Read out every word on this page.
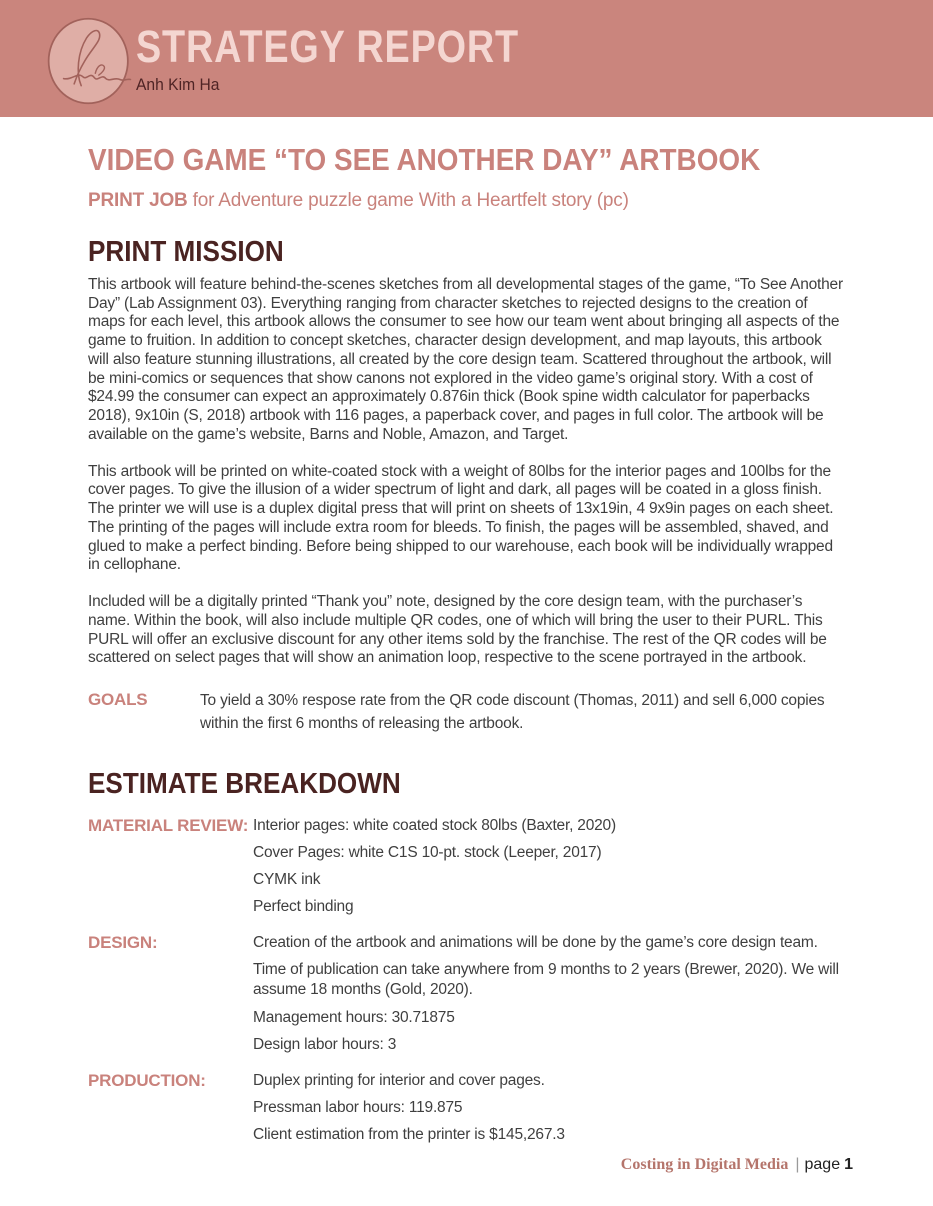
STRATEGY REPORT
Anh Kim Ha
VIDEO GAME “TO SEE ANOTHER DAY” ARTBOOK
PRINT JOB for Adventure puzzle game With a Heartfelt story (pc)
PRINT MISSION

This artbook will feature behind-the-scenes sketches from all developmental stages of the game, “To See Another Day” (Lab Assignment 03). Everything ranging from character sketches to rejected designs to the creation of maps for each level, this artbook allows the consumer to see how our team went about bringing all aspects of the game to fruition. In addition to concept sketches, character design development, and map layouts, this artbook will also feature stunning illustrations, all created by the core design team. Scattered throughout the artbook, will be mini-comics or sequences that show canons not explored in the video game’s original story. With a cost of $24.99 the consumer can expect an approximately 0.876in thick (Book spine width calculator for paperbacks 2018), 9x10in (S, 2018) artbook with 116 pages, a paperback cover, and pages in full color. The artbook will be available on the game’s website, Barns and Noble, Amazon, and Target.

This artbook will be printed on white-coated stock with a weight of 80lbs for the interior pages and 100lbs for the cover pages. To give the illusion of a wider spectrum of light and dark, all pages will be coated in a gloss finish. The printer we will use is a duplex digital press that will print on sheets of 13x19in, 4 9x9in pages on each sheet. The printing of the pages will include extra room for bleeds. To finish, the pages will be assembled, shaved, and glued to make a perfect binding. Before being shipped to our warehouse, each book will be individually wrapped in cellophane.

Included will be a digitally printed “Thank you” note, designed by the core design team, with the purchaser’s name. Within the book, will also include multiple QR codes, one of which will bring the user to their PURL. This PURL will offer an exclusive discount for any other items sold by the franchise. The rest of the QR codes will be scattered on select pages that will show an animation loop, respective to the scene portrayed in the artbook.

GOALS	To yield a 30% respose rate from the QR code discount (Thomas, 2011) and sell 6,000 copies within the first 6 months of releasing the artbook.
ESTIMATE BREAKDOWN
MATERIAL REVIEW: Interior pages: white coated stock 80lbs (Baxter, 2020)
Cover Pages: white C1S 10-pt. stock (Leeper, 2017)
CYMK ink
Perfect binding
DESIGN:	Creation of the artbook and animations will be done by the game’s core design team.
Time of publication can take anywhere from 9 months to 2 years (Brewer, 2020). We will assume 18 months (Gold, 2020).
Management hours: 30.71875
Design labor hours: 3
PRODUCTION:	Duplex printing for interior and cover pages.
Pressman labor hours: 119.875
Client estimation from the printer is $145,267.3
Costing in Digital Media | page 1
